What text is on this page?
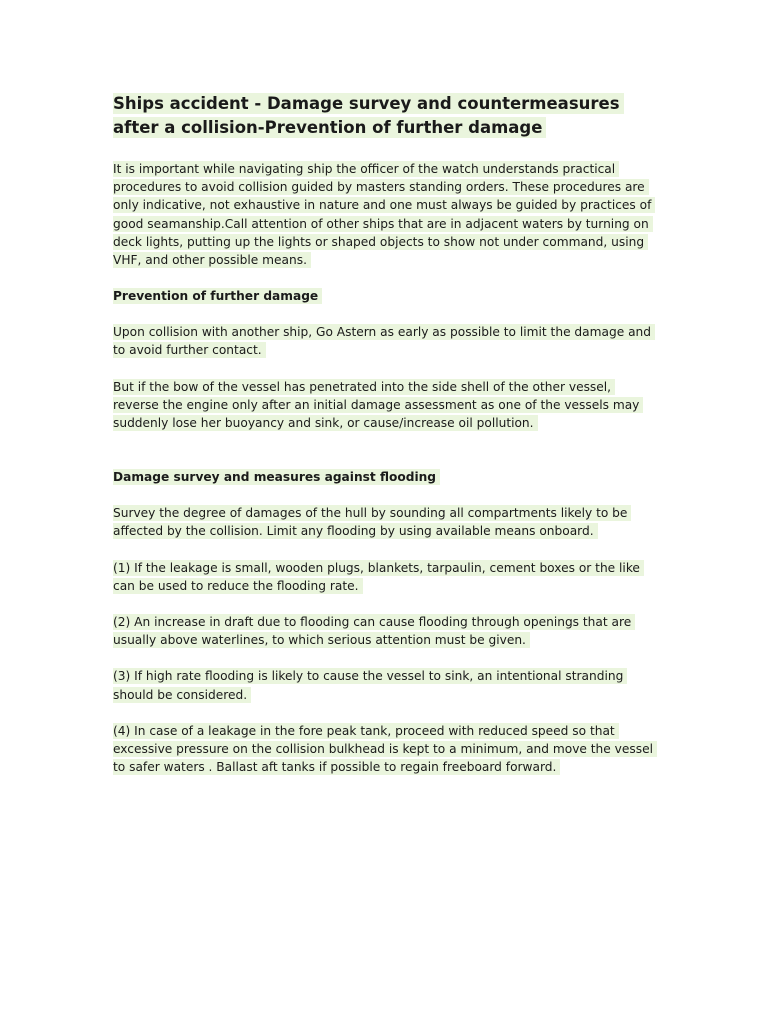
Ships accident - Damage survey and countermeasures after a collision-Prevention of further damage

It is important while navigating ship the officer of the watch understands practical procedures to avoid collision guided by masters standing orders. These procedures are only indicative, not exhaustive in nature and one must always be guided by practices of good seamanship.Call attention of other ships that are in adjacent waters by turning on deck lights, putting up the lights or shaped objects to show not under command, using VHF, and other possible means.

Prevention of further damage

Upon collision with another ship, Go Astern as early as possible to limit the damage and to avoid further contact.

But if the bow of the vessel has penetrated into the side shell of the other vessel, reverse the engine only after an initial damage assessment as one of the vessels may suddenly lose her buoyancy and sink, or cause/increase oil pollution.

Damage survey and measures against flooding

Survey the degree of damages of the hull by sounding all compartments likely to be affected by the collision. Limit any flooding by using available means onboard.

(1) If the leakage is small, wooden plugs, blankets, tarpaulin, cement boxes or the like can be used to reduce the flooding rate.

(2) An increase in draft due to flooding can cause flooding through openings that are usually above waterlines, to which serious attention must be given.

(3) If high rate flooding is likely to cause the vessel to sink, an intentional stranding should be considered.

(4) In case of a leakage in the fore peak tank, proceed with reduced speed so that excessive pressure on the collision bulkhead is kept to a minimum, and move the vessel to safer waters . Ballast aft tanks if possible to regain freeboard forward.
